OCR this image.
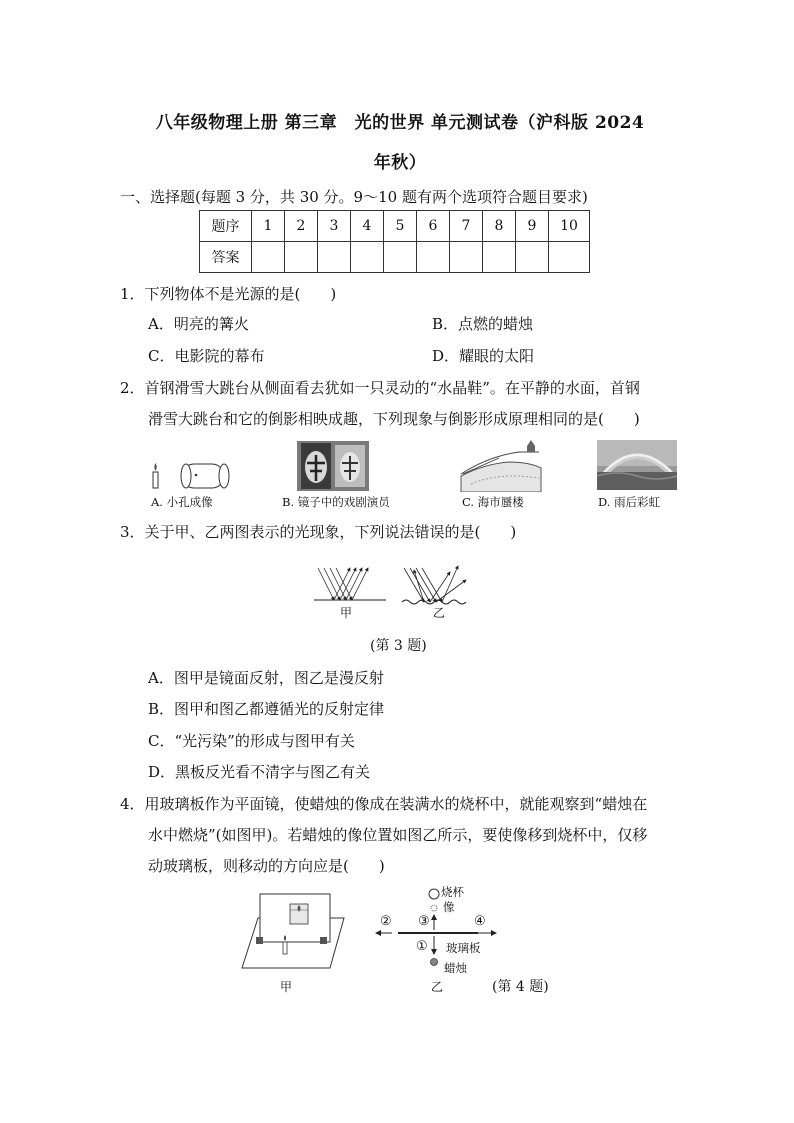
八年级物理上册 第三章　光的世界 单元测试卷（沪科版 2024
年秋）
一、选择题(每题 3 分，共 30 分。9～10 题有两个选项符合题目要求)
题序	1	2	3	4	5	6	7	8	9	10
答案										
1．下列物体不是光源的是(　　)
A．明亮的篝火	B．点燃的蜡烛
C．电影院的幕布	D．耀眼的太阳
2．首钢滑雪大跳台从侧面看去犹如一只灵动的“水晶鞋”。在平静的水面，首钢
滑雪大跳台和它的倒影相映成趣，下列现象与倒影形成原理相同的是(　　)
A. 小孔成像	B. 镜子中的戏剧演员	C. 海市蜃楼	D. 雨后彩虹
3．关于甲、乙两图表示的光现象，下列说法错误的是(　　)
甲	乙
(第 3 题)
A．图甲是镜面反射，图乙是漫反射
B．图甲和图乙都遵循光的反射定律
C．“光污染”的形成与图甲有关
D．黑板反光看不清字与图乙有关
4．用玻璃板作为平面镜，使蜡烛的像成在装满水的烧杯中，就能观察到“蜡烛在
水中燃烧”(如图甲)。若蜡烛的像位置如图乙所示，要使像移到烧杯中，仅移
动玻璃板，则移动的方向应是(　　)
甲
烧杯
像
② ③	④
① 玻璃板
蜡烛
乙	(第 4 题)
